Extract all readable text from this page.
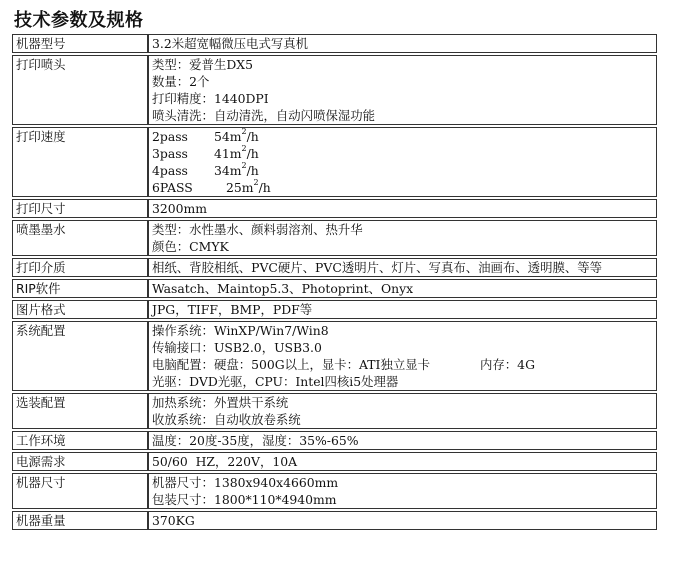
技术参数及规格
机器型号	3.2米超宽幅微压电式写真机

打印喷头	类型：爱普生DX5
数量：2个
打印精度：1440DPI
喷头清洗：自动清洗，自动闪喷保湿功能

打印速度	2pass $54m^2/h$
3pass $41m^2/h$
4pass $34m^2/h$
6PASS $25m^2/h$

打印尺寸	3200mm

喷墨墨水	类型：水性墨水、颜料弱溶剂、热升华
颜色：CMYK

打印介质	相纸、背胶相纸、PVC硬片、PVC透明片、灯片、写真布、油画布、透明膜、等等

RIP软件	Wasatch、Maintop5.3、Photoprint、Onyx

图片格式	JPG，TIFF，BMP，PDF等

系统配置	操作系统：WinXP/Win7/Win8
传输接口：USB2.0，USB3.0
电脑配置：硬盘：500G以上，显卡：ATI独立显卡 内存：4G
光驱：DVD光驱，CPU：Intel四核i5处理器

选装配置	加热系统：外置烘干系统
收放系统：自动收放卷系统

工作环境	温度：20度-35度，湿度：35%-65%

电源需求	50/60  HZ，220V，10A

机器尺寸	机器尺寸：1380x940x4660mm
包装尺寸：1800*110*4940mm

机器重量	370KG
